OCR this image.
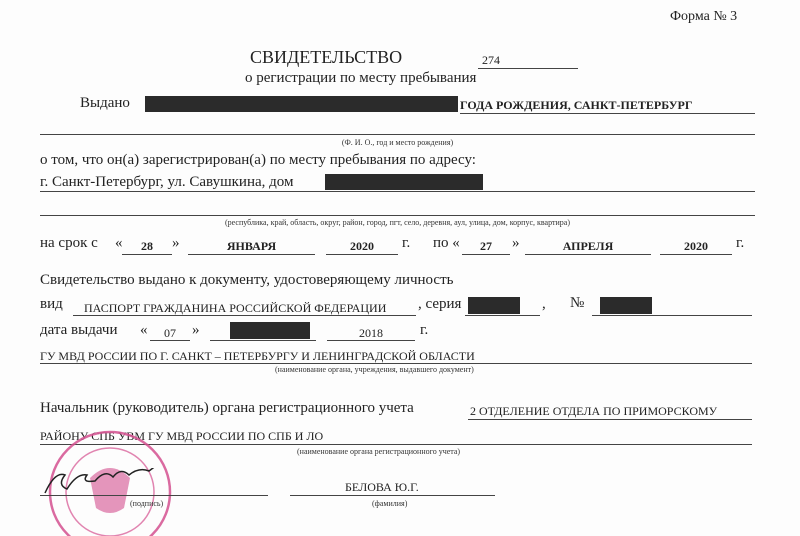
Форма № 3
СВИДЕТЕЛЬСТВО	274
о регистрации по месту пребывания
Выдано	ГОДА РОЖДЕНИЯ, САНКТ-ПЕТЕРБУРГ
(Ф. И. О., год и место рождения)
о том, что он(а) зарегистрирован(а) по месту пребывания по адресу:
г. Санкт-Петербург, ул. Савушкина, дом
(республика, край, область, округ, район, город, пгт, село, деревня, аул, улица, дом, корпус, квартира)
на срок с «	28	»	ЯНВАРЯ	2020	г. по «	27	»	АПРЕЛЯ	2020	г.
Свидетельство выдано к документу, удостоверяющему личность
вид ПАСПОРТ ГРАЖДАНИНА РОССИЙСКОЙ ФЕДЕРАЦИИ , серия	, №
дата выдачи «	07	»	2018	г.
ГУ МВД РОССИИ ПО Г. САНКТ – ПЕТЕРБУРГУ И ЛЕНИНГРАДСКОЙ ОБЛАСТИ
(наименование органа, учреждения, выдавшего документ)
Начальник (руководитель) органа регистрационного учета	2 ОТДЕЛЕНИЕ ОТДЕЛА ПО ПРИМОРСКОМУ
РАЙОНУ СПБ УВМ ГУ МВД РОССИИ ПО СПБ И ЛО
(наименование органа регистрационного учета)
(подпись)
БЕЛОВА Ю.Г.
(фамилия)
